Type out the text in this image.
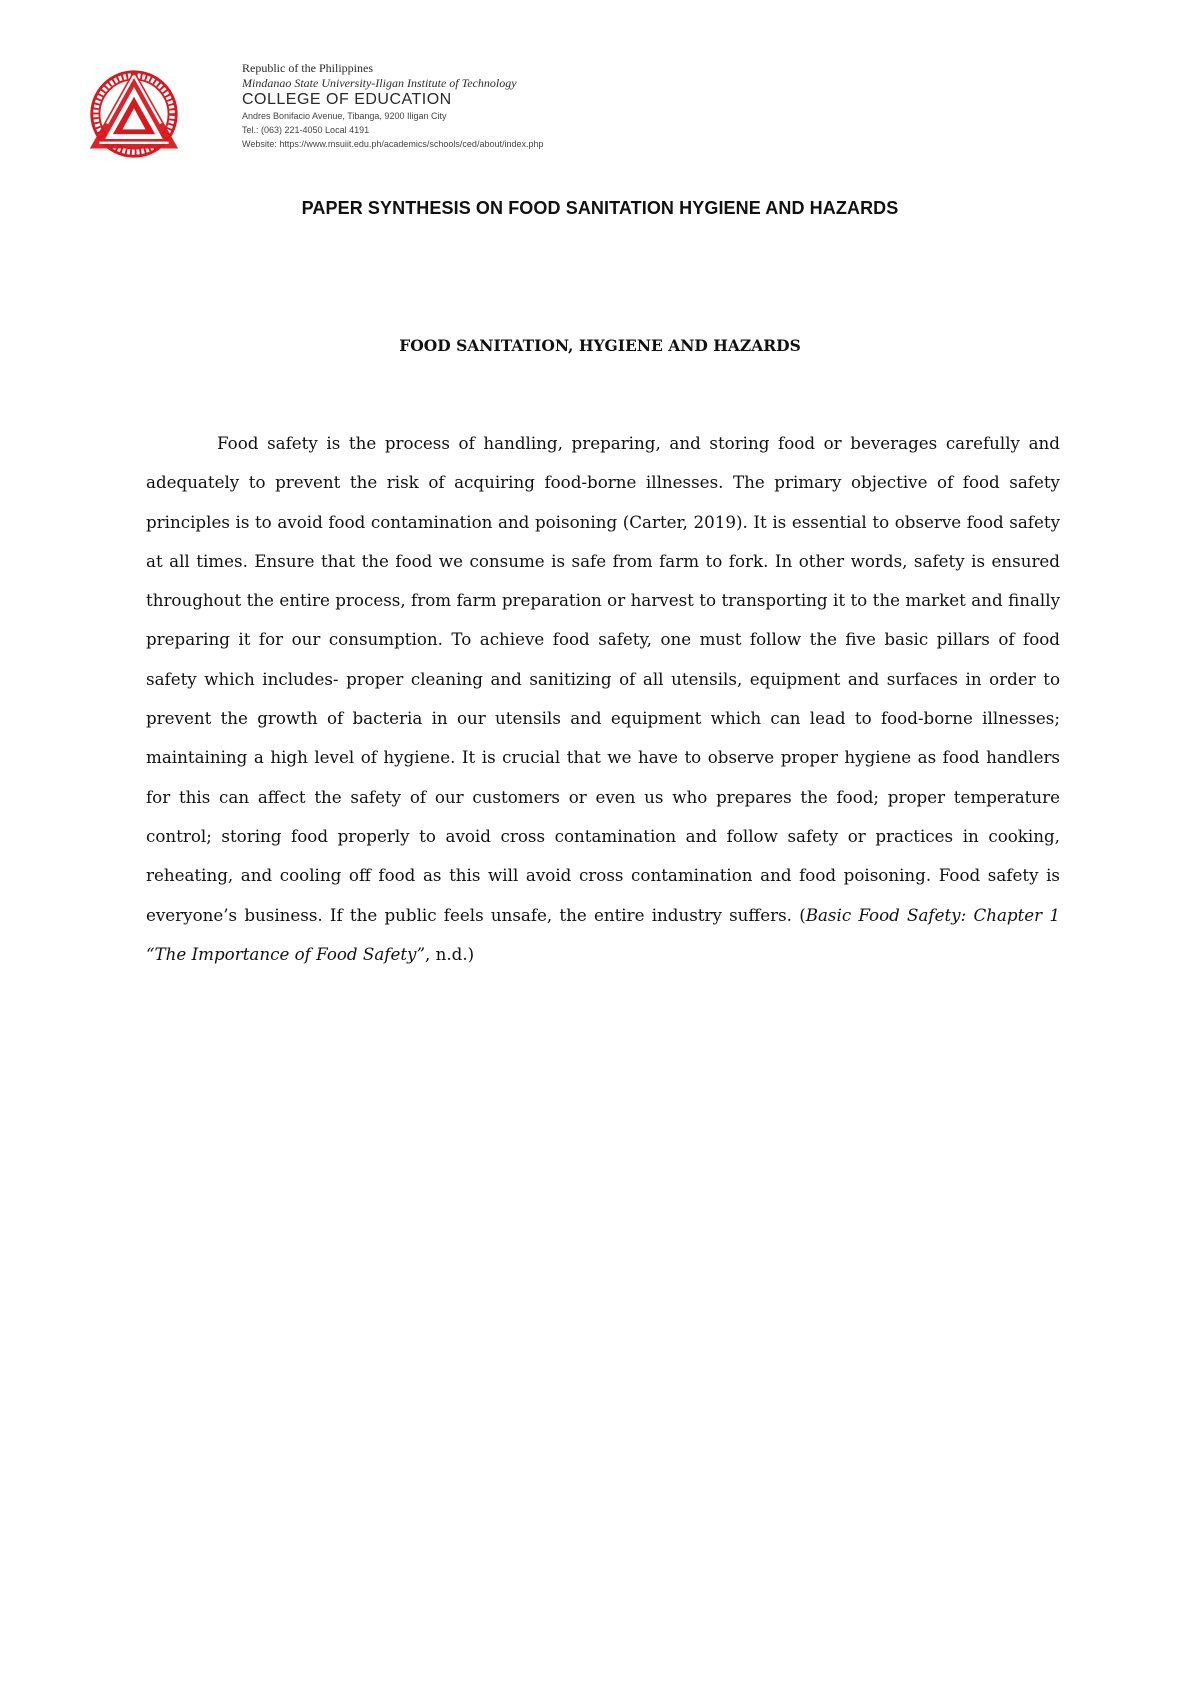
Republic of the Philippines
Mindanao State University-Iligan Institute of Technology
COLLEGE OF EDUCATION
Andres Bonifacio Avenue, Tibanga, 9200 Iligan City
Tel.: (063) 221-4050 Local 4191
Website: https://www.msuiit.edu.ph/academics/schools/ced/about/index.php
PAPER SYNTHESIS ON FOOD SANITATION HYGIENE AND HAZARDS
FOOD SANITATION, HYGIENE AND HAZARDS

Food safety is the process of handling, preparing, and storing food or beverages carefully and adequately to prevent the risk of acquiring food-borne illnesses. The primary objective of food safety principles is to avoid food contamination and poisoning (Carter, 2019). It is essential to observe food safety at all times. Ensure that the food we consume is safe from farm to fork. In other words, safety is ensured throughout the entire process, from farm preparation or harvest to transporting it to the market and finally preparing it for our consumption. To achieve food safety, one must follow the five basic pillars of food safety which includes- proper cleaning and sanitizing of all utensils, equipment and surfaces in order to prevent the growth of bacteria in our utensils and equipment which can lead to food-borne illnesses; maintaining a high level of hygiene. It is crucial that we have to observe proper hygiene as food handlers for this can affect the safety of our customers or even us who prepares the food; proper temperature control; storing food properly to avoid cross contamination and follow safety or practices in cooking, reheating, and cooling off food as this will avoid cross contamination and food poisoning. Food safety is everyone’s business. If the public feels unsafe, the entire industry suffers. (Basic Food Safety: Chapter 1 “The Importance of Food Safety”, n.d.)
